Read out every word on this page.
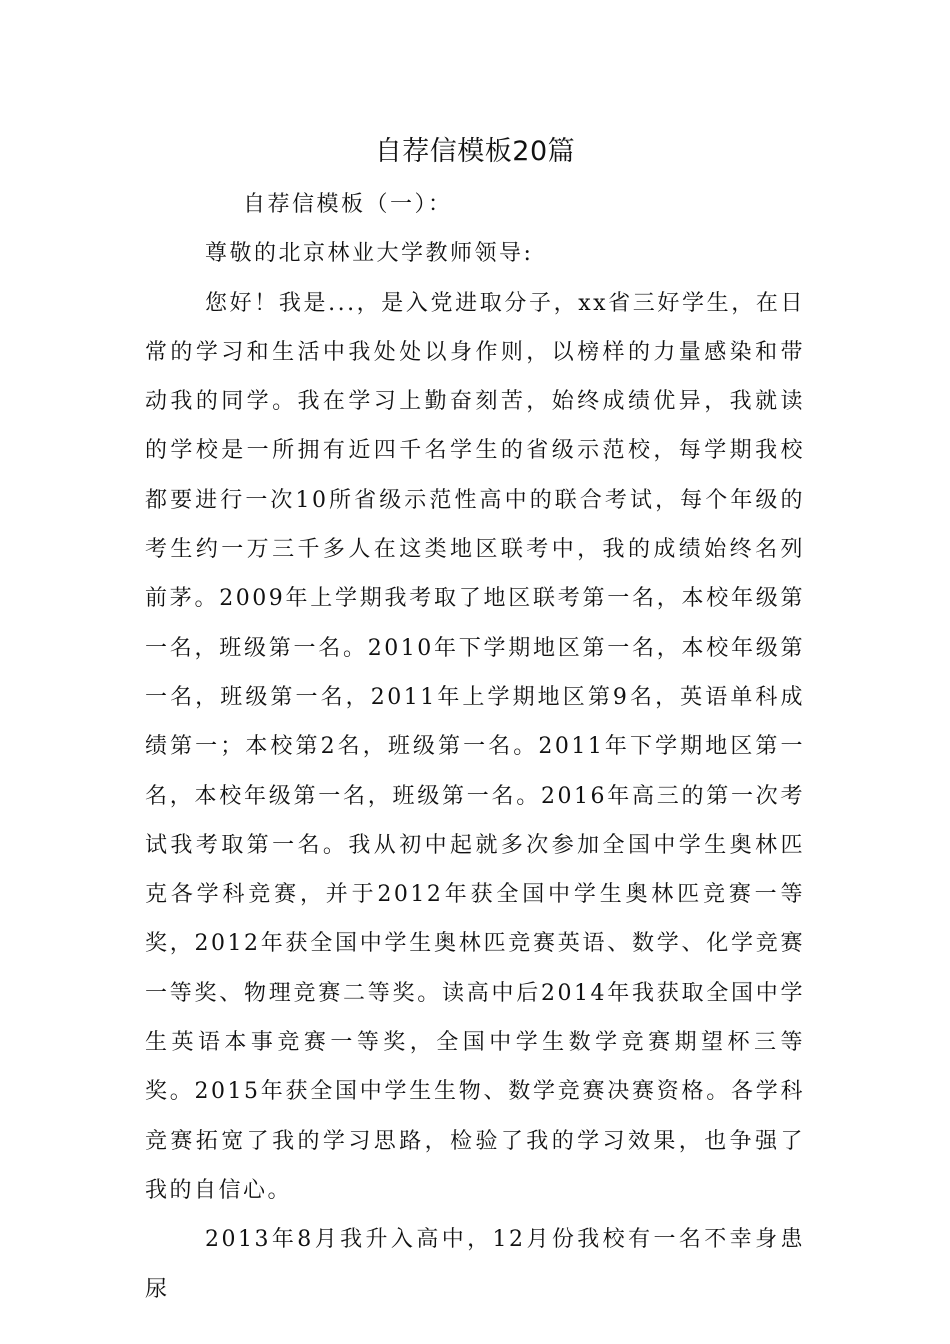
自荐信模板20篇

自荐信模板（一）：

尊敬的北京林业大学教师领导:

您好！我是...，是入党进取分子，xx省三好学生，在日常的学习和生活中我处处以身作则，以榜样的力量感染和带动我的同学。我在学习上勤奋刻苦，始终成绩优异，我就读的学校是一所拥有近四千名学生的省级示范校，每学期我校都要进行一次10所省级示范性高中的联合考试，每个年级的考生约一万三千多人在这类地区联考中，我的成绩始终名列前茅。2009年上学期我考取了地区联考第一名，本校年级第一名，班级第一名。2010年下学期地区第一名，本校年级第一名，班级第一名，2011年上学期地区第9名，英语单科成绩第一；本校第2名，班级第一名。2011年下学期地区第一名，本校年级第一名，班级第一名。2016年高三的第一次考试我考取第一名。我从初中起就多次参加全国中学生奥林匹克各学科竞赛，并于2012年获全国中学生奥林匹竞赛一等奖，2012年获全国中学生奥林匹竞赛英语、数学、化学竞赛一等奖、物理竞赛二等奖。读高中后2014年我获取全国中学生英语本事竞赛一等奖，全国中学生数学竞赛期望杯三等奖。2015年获全国中学生生物、数学竞赛决赛资格。各学科竞赛拓宽了我的学习思路，检验了我的学习效果，也争强了我的自信心。

2013年8月我升入高中，12月份我校有一名不幸身患尿
